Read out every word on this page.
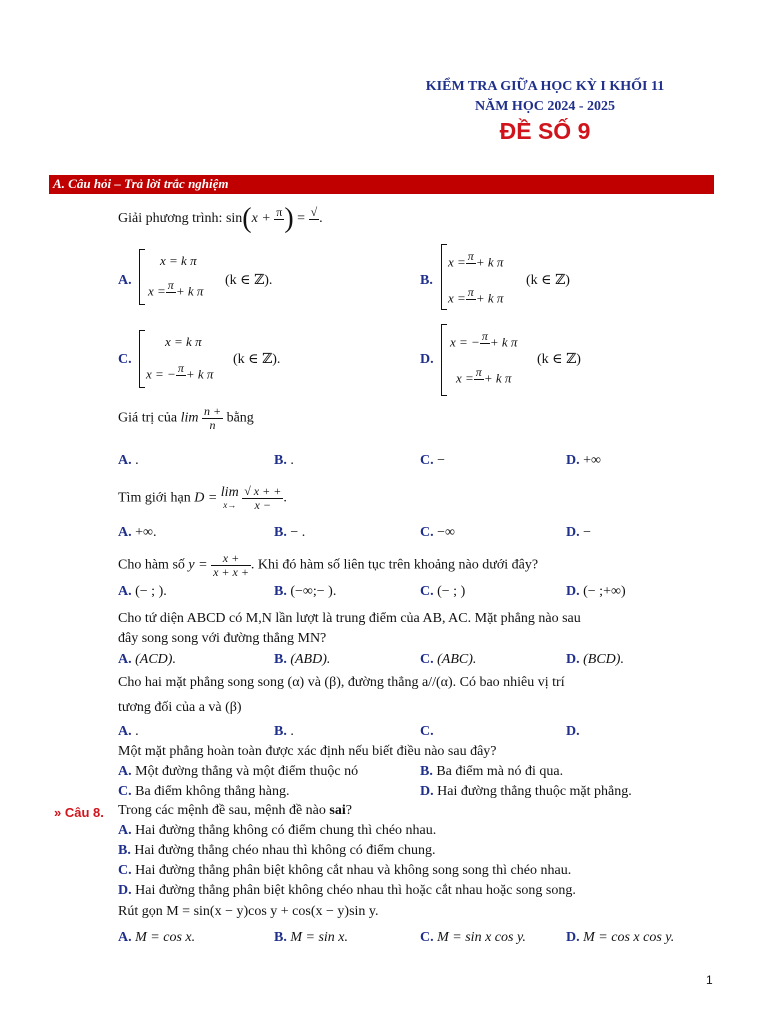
KIỂM TRA GIỮA HỌC KỲ I KHỐI 11
NĂM HỌC 2024 - 2025
ĐỀ SỐ 9
A. Câu hỏi – Trả lời trắc nghiệm
Giải phương trình: sin(x + π
) = √
.
A.
x = k π
x = π
+ k π
(k ∈ ℤ).	B.
x = π
+ k π
x = π
+ k π
(k ∈ ℤ)
C.
x = k π
x = − π
+ k π
(k ∈ ℤ).	D.
x = − π
+ k π
x = π
+ k π
(k ∈ ℤ)
Giá trị của $\lim \frac{n +}{n}$ bằng
A. .	B. .	C. −	D. +∞
Tìm giới hạn D = lim
x→
$\frac{√ x + +}{x -}$ .
A. +∞.	B. − .	C. −∞	D. −
Cho hàm số $y = \frac{x +}{x + x +}$ . Khi đó hàm số liên tục trên khoảng nào dưới đây?
A. (− ; ).	B. (−∞;− ).	C. (− ; )	D. (− ;+∞)
Cho tứ diện ABCD có M,N lần lượt là trung điểm của AB, AC. Mặt phẳng nào sau
đây song song với đường thẳng MN?
A. (ACD).	B. (ABD).	C. (ABC).	D. (BCD).
Cho hai mặt phẳng song song (α) và (β), đường thẳng a//(α). Có bao nhiêu vị trí
tương đối của a và (β)
A. .	B. .	C.	D.
Một mặt phẳng hoàn toàn được xác định nếu biết điều nào sau đây?
A. Một đường thẳng và một điểm thuộc nó	B. Ba điểm mà nó đi qua.
C. Ba điểm không thẳng hàng.	D. Hai đường thẳng thuộc mặt phẳng.
» Câu 8. Trong các mệnh đề sau, mệnh đề nào sai?
A. Hai đường thẳng không có điểm chung thì chéo nhau.
B. Hai đường thẳng chéo nhau thì không có điểm chung.
C. Hai đường thẳng phân biệt không cắt nhau và không song song thì chéo nhau.
D. Hai đường thẳng phân biệt không chéo nhau thì hoặc cắt nhau hoặc song song.
Rút gọn M = sin(x − y)cos y + cos(x − y)sin y.
A. M = cos x.	B. M = sin x.	C. M = sin x cos y.	D. M = cos x cos y.
1
